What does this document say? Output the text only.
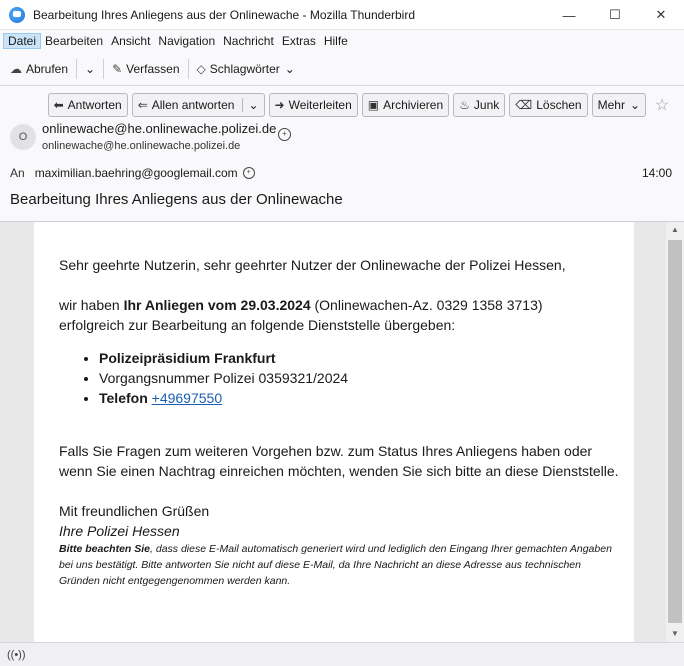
Bearbeitung Ihres Anliegens aus der Onlinewache - Mozilla Thunderbird	—	☐	✕
Datei Bearbeiten Ansicht Navigation Nachricht Extras Hilfe
☁ Abrufen ⌄ ✎ Verfassen ◇ Schlagwörter ⌄
⬅ Antworten ⇐ Allen antworten	⌄ ➜ Weiterleiten ▣ Archivieren ♨ Junk ⌫ Löschen Mehr ⌄ ☆
O
onlinewache@he.onlinewache.polizei.de
onlinewache@he.onlinewache.polizei.de
+
An maximilian.baehring@googlemail.com	+	14:00
Bearbeitung Ihres Anliegens aus der Onlinewache

Sehr geehrte Nutzerin, sehr geehrter Nutzer der Onlinewache der Polizei Hessen,

wir haben Ihr Anliegen vom 29.03.2024 (Onlinewachen-Az. 0329 1358 3713)

erfolgreich zur Bearbeitung an folgende Dienststelle übergeben:

• Polizeipräsidium Frankfurt
• Vorgangsnummer Polizei 0359321/2024
• Telefon +49697550

Falls Sie Fragen zum weiteren Vorgehen bzw. zum Status Ihres Anliegens haben oder wenn Sie einen Nachtrag einreichen möchten, wenden Sie sich bitte an diese Dienststelle.

Mit freundlichen Grüßen

Ihre Polizei Hessen

Bitte beachten Sie, dass diese E-Mail automatisch generiert wird und lediglich den Eingang Ihrer gemachten Angaben bei uns bestätigt. Bitte antworten Sie nicht auf diese E-Mail, da Ihre Nachricht an diese Adresse aus technischen Gründen nicht entgegengenommen werden kann.

▲
▼
((•))
